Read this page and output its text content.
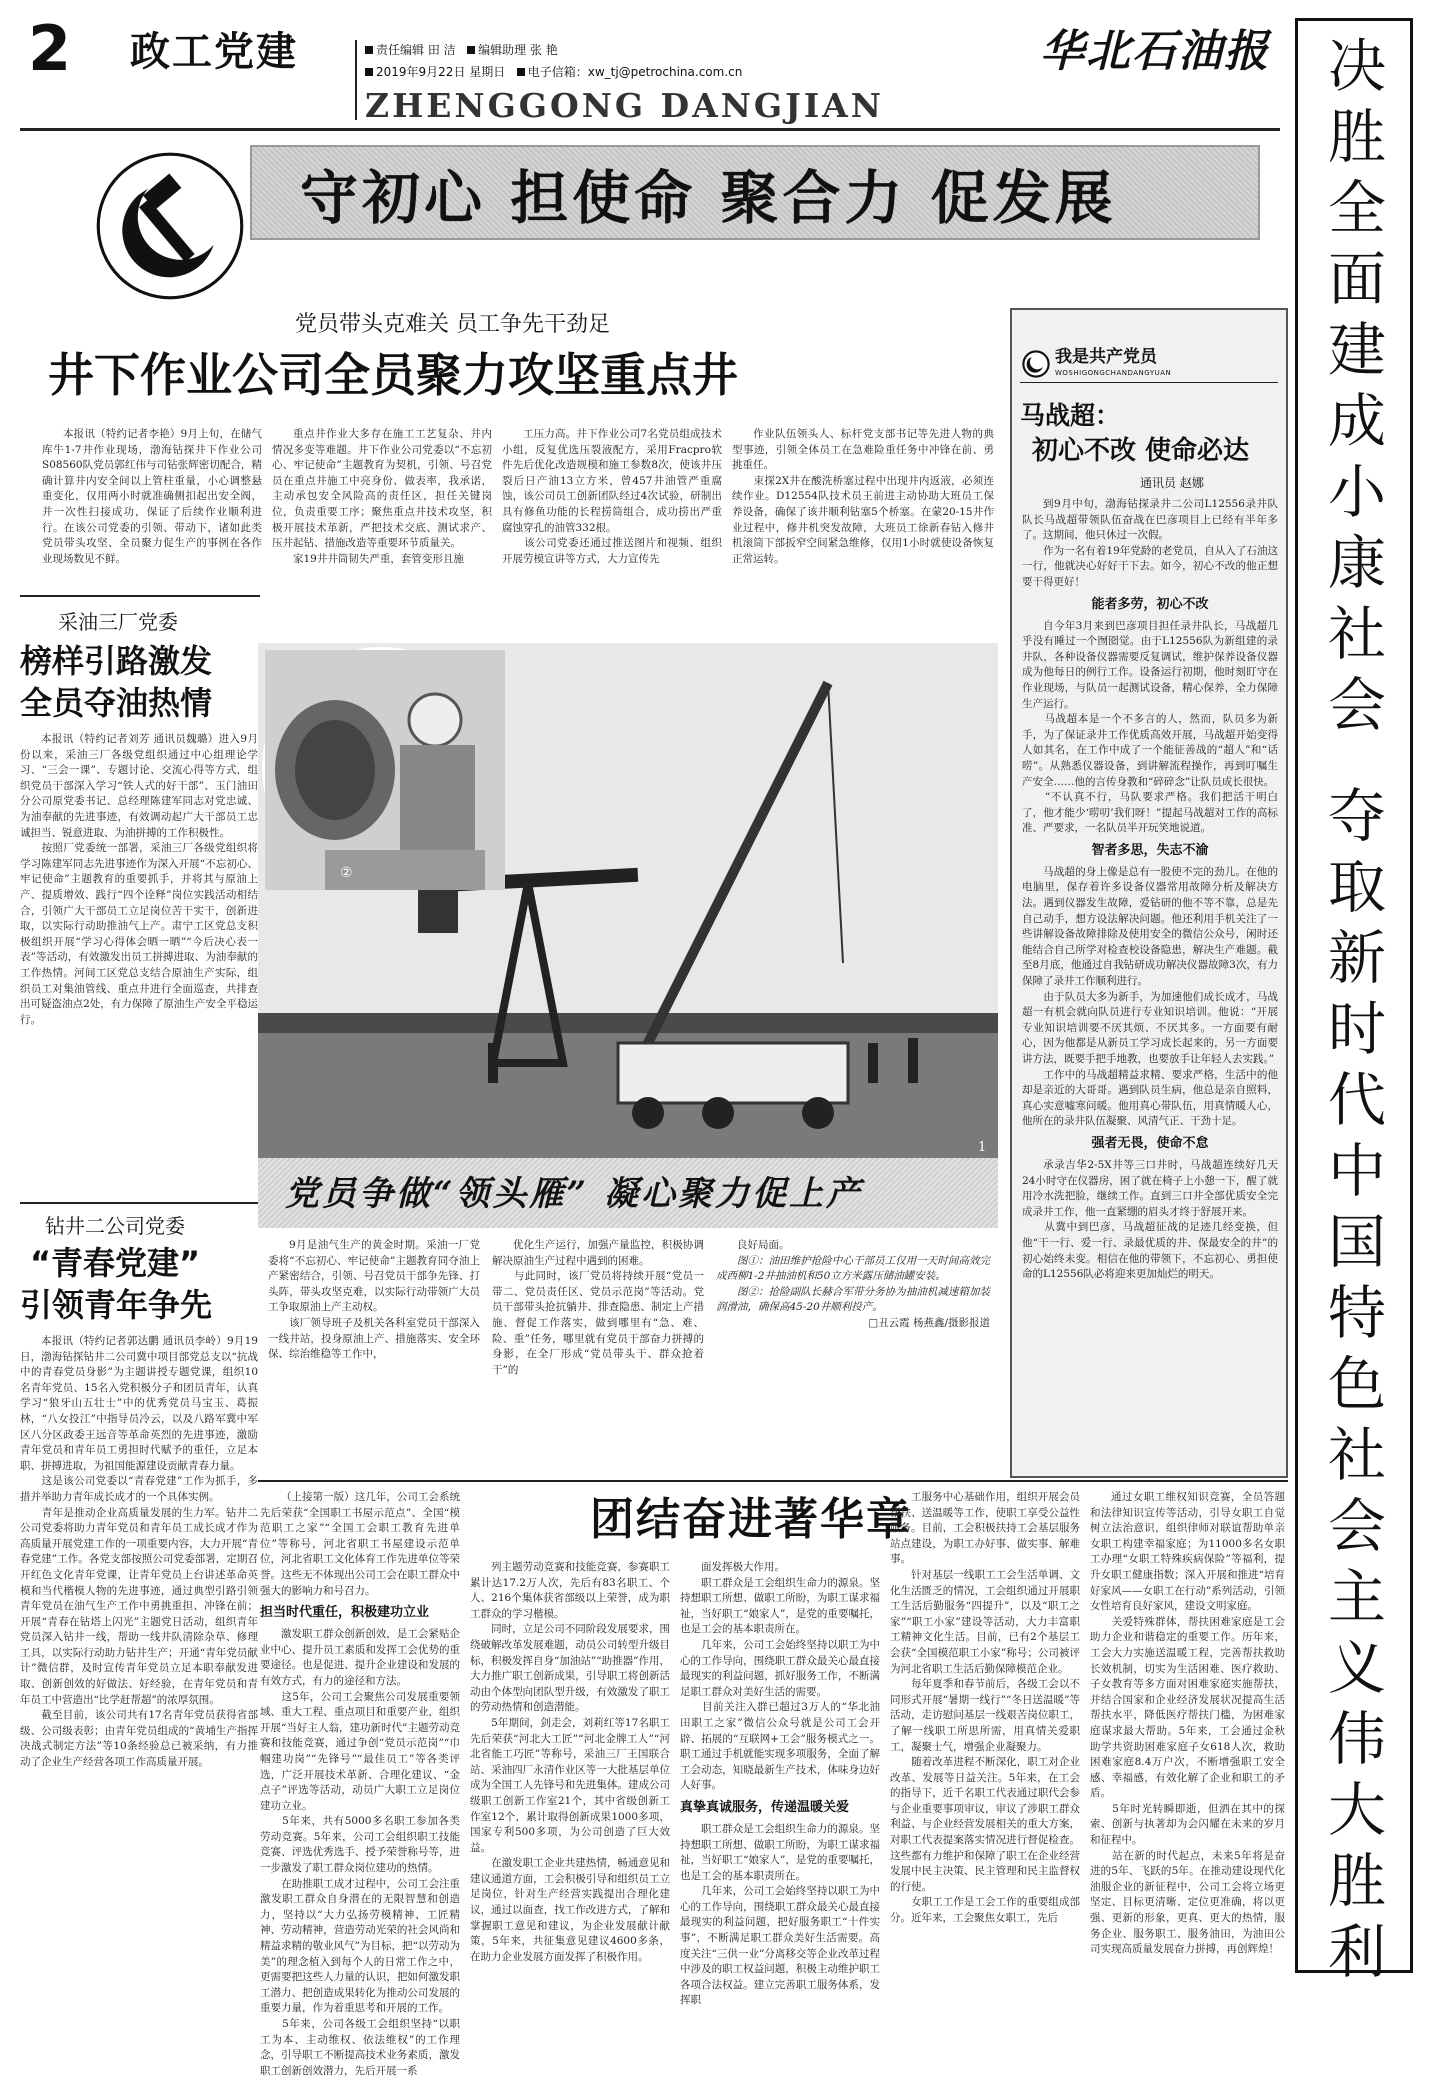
2 政工党建	责任编辑 田 洁 编辑助理 张 艳
2019年9月22日 星期日 电子信箱：xw_tj@petrochina.com.cn
ZHENGGONG DANGJIAN
华北石油报
守初心 担使命 聚合力 促发展
决
胜
全
面
建
成
小
康
社
会
夺
取
新
时
代
中
国
特
色
社
会
主
义
伟
大
胜
利
党员带头克难关 员工争先干劲足
井下作业公司全员聚力攻坚重点井

本报讯（特约记者李艳）9月上旬，在储气库牛1-7井作业现场，渤海钻探井下作业公司S08560队党员郭红伟与司钻张辉密切配合，精确计算井内安全间以上管柱重量，小心调整悬重变化，仅用两小时就准确侧扣起出安全阀，并一次性扫接成功，保证了后续作业顺利进行。在该公司党委的引领、带动下，诸如此类党员带头攻坚、全员聚力促生产的事例在各作业现场数见不鲜。

重点井作业大多存在施工工艺复杂、井内情况多变等难题。井下作业公司党委以“不忘初心、牢记使命”主题教育为契机，引领、号召党员在重点井施工中亮身份、做表率，我承诺，主动承包安全风险高的责任区，担任关键岗位，负责重要工序；聚焦重点井技术攻坚，积极开展技术革新，严把技术交底、测试求产、压井起钻、措施改造等重要环节质量关。
　　家19井井筒韧失严重，套管变形且施

工压力高。井下作业公司7名党员组成技术小组，反复优选压裂液配方，采用Fracpro软件先后优化改造规模和施工参数8次，使该井压裂后日产油13立方米，曾457井油管严重腐蚀，该公司员工创新团队经过4次试验，研制出具有修鱼功能的长程捞筒组合，成功捞出严重腐蚀穿孔的油管332根。
　　该公司党委还通过推送图片和视频、组织开展劳模宣讲等方式，大力宣传先

作业队伍领头人、标杆党支部书记等先进人物的典型事迹，引领全体员工在急难险重任务中冲锋在前、勇挑重任。
　　束探2X井在酸洗桥塞过程中出现井内返液，必须连续作业。D12554队技术员王前进主动协助大班员工保养设备，确保了该井顺利钻塞5个桥塞。在蒙20-15井作业过程中，修井机突发故障，大班员工徐新春钻入修井机滚筒下部扳窄空间紧急维修，仅用1小时就使设备恢复正常运转。

采油三厂党委
榜样引路激发
全员夺油热情

本报讯（特约记者刘芳 通讯员魏璐）进入9月份以来，采油三厂各级党组织通过中心组理论学习、“三会一课”、专题讨论、交流心得等方式，组织党员干部深入学习“铁人式的好干部”、玉门油田分公司原党委书记、总经理陈建军同志对党忠诚、为油奉献的先进事迹，有效调动起广大干部员工忠诚担当、锐意进取、为油拼搏的工作积极性。
　　按照厂党委统一部署，采油三厂各级党组织将学习陈建军同志先进事迹作为深入开展“不忘初心、牢记使命”主题教育的重要抓手，并将其与原油上产、提质增效、践行“四个诠释”岗位实践活动相结合，引领广大干部员工立足岗位苦干实干，创新进取，以实际行动助推油气上产。肃宁工区党总支积极组织开展“学习心得体会晒一晒”“今后决心表一表”等活动，有效激发出员工拼搏进取、为油奉献的工作热情。河间工区党总支结合原油生产实际，组织员工对集油管线、重点井进行全面巡查，共排查出可疑盗油点2处，有力保障了原油生产安全平稳运行。

钻井二公司党委
“青春党建”
引领青年争先

本报讯（特约记者郭达鹏 通讯员李岭）9月19日，渤海钻探钻井二公司冀中项目部党总支以“抗战中的青春党员身影”为主题讲授专题党课，组织10名青年党员、15名入党积极分子和团员青年，认真学习“狼牙山五壮士”中的优秀党员马宝玉、葛振林，“八女投江”中指导员冷云，以及八路军冀中军区八分区政委王远音等革命英烈的先进事迹，激励青年党员和青年员工勇担时代赋予的重任，立足本职、拼搏进取，为祖国能源建设贡献青春力量。
　　这是该公司党委以“青春党建”工作为抓手，多措并举助力青年成长成才的一个具体实例。
　　青年是推动企业高质量发展的生力军。钻井二公司党委将助力青年党员和青年员工成长成才作为高质量开展党建工作的一项重要内容，大力开展“青春党建”工作。各党支部按照公司党委部署，定期召开红色文化青年党课，让青年党员上台讲述革命英模和当代楷模人物的先进事迹，通过典型引路引领青年党员在油气生产工作中勇挑重担、冲锋在前；开展“青春在钻塔上闪光”主题党日活动，组织青年党员深入钻井一线，帮助一线井队清除杂草、修理工具，以实际行动助力钻井生产；开通“青年党员献计”微信群，及时宣传青年党员立足本职奉献发进取、创新创效的好做法、好经验，在青年党员和青年员工中营造出“比学赶帮超”的浓厚氛围。
　　截至目前，该公司共有17名青年党员获得省部级、公司级表彰；由青年党员组成的“黄埔生产指挥决战式制定方法”等10条经验总已被采纳，有力推动了企业生产经营各项工作高质量开展。

②
1
党员争做“领头雁” 凝心聚力促上产

9月是油气生产的黄金时期。采油一厂党委将“不忘初心、牢记使命”主题教育同夺油上产紧密结合，引领、号召党员干部争先锋、打头阵，带头攻坚克难，以实际行动带领广大员工争取原油上产主动权。
　　该厂领导班子及机关各科室党员干部深入一线井站，投身原油上产、措施落实、安全环保、综治维稳等工作中，

优化生产运行，加强产量监控，积极协调解决原油生产过程中遇到的困难。
　　与此同时，该厂党员将持续开展“党员一带二、党员责任区、党员示范岗”等活动。党员干部带头抢抗躺井、排查隐患、制定上产措施、督促工作落实，做到哪里有“急、难、险、重”任务，哪里就有党员干部奋力拼搏的身影，在全厂形成“党员带头干、群众抢着干”的

良好局面。

图①：油田维护抢险中心干部员工仅用一天时间高效完成西柳1-2井抽油机和50立方米露压储油罐安装。

图②：抢险副队长赫合军带分务协为抽油机减速箱加装润滑油，确保高45-20井顺利投产。

□丑云霞 杨燕鑫/摄影报道

我是共产党员
WOSHIGONGCHANDANGYUAN
马战超：
初心不改 使命必达
通讯员 赵娜

到9月中旬，渤海钻探录井二公司L12556录井队队长马战超带领队伍奋战在巴彦项目上已经有半年多了。这期间，他只休过一次假。
　　作为一名有着19年党龄的老党员，自从入了石油这一行，他就决心好好干下去。如今，初心不改的他正想要干得更好！

能者多劳，初心不改

自今年3月来到巴彦项目担任录井队长，马战超几乎没有睡过一个囫囵觉。由于L12556队为新组建的录井队，各种设备仪器需要反复调试，维护保养设备仪器成为他每日的例行工作。设备运行初期，他时刻盯守在作业现场，与队员一起测试设备，精心保养，全力保障生产运行。
　　马战超本是一个不多言的人，然而，队员多为新手，为了保证录井工作优质高效开展，马战超开始变得人如其名，在工作中成了一个能征善战的“超人”和“话唠”。从熟悉仪器设备，到讲解流程操作，再到叮嘱生产安全……他的言传身教和“碎碎念”让队员成长很快。
　　“不认真不行，马队要求严格。我们把活干明白了，他才能少‘唠叨’我们呀！”提起马战超对工作的高标准、严要求，一名队员半开玩笑地说道。

智者多思，失志不渝

马战超的身上像是总有一股使不完的劲儿。在他的电脑里，保存着许多设备仪器常用故障分析及解决方法。遇到仪器发生故障，爱钻研的他不等不靠，总是先自己动手，想方设法解决问题。他还利用手机关注了一些讲解设备故障排除及使用安全的微信公众号，闲时还能结合自己所学对检查校设备隐患，解决生产难题。截至8月底，他通过自我钻研成功解决仪器故障3次，有力保障了录井工作顺利进行。
　　由于队员大多为新手，为加速他们成长成才，马战超一有机会就向队员进行专业知识培训。他说：“开展专业知识培训要不厌其烦、不厌其多。一方面要有耐心，因为他都是从新员工学习成长起来的，另一方面要讲方法，既要手把手地教，也要放手让年轻人去实践。”
　　工作中的马战超精益求精、要求严格，生活中的他却是亲近的大哥哥。遇到队员生病，他总是亲自照料，真心实意嘘寒问暖。他用真心带队伍，用真情暖人心，他所在的录井队伍凝聚、风清气正、干劲十足。

强者无畏，使命不怠

承录吉华2-5X井等三口井时，马战超连续好几天24小时守在仪器房，困了就在椅子上小憩一下，醒了就用冷水洗把脸，继续工作。直到三口井全部优质安全完成录井工作，他一直紧绷的眉头才终于舒展开来。
　　从冀中到巴彦，马战超征战的足迹几经变换，但他“干一行、爱一行、录最优质的井、保最安全的井”的初心始终未变。相信在他的带领下，不忘初心、勇担使命的L12556队必将迎来更加灿烂的明天。

（上接第一版）这几年，公司工会系统先后荣获“全国职工书屋示范点”、全国“模范职工之家”“全国工会职工教育先进单位”等称号，河北省职工书屋建设示范单位，河北省职工文化体育工作先进单位等荣誉。这些无不体现出公司工会在职工群众中强大的影响力和号召力。

担当时代重任，积极建功立业

激发职工群众创新创效，是工会紧贴企业中心、提升员工素质和发挥工会优势的重要途径。也是促进、提升企业建设和发展的有效方式，有力的途径和方法。
　　这5年，公司工会聚焦公司发展重要领域、重大工程、重点项目和重要产业，组织开展“当好主人翁，建功新时代”主题劳动竞赛和技能竞赛，通过争创“党员示范岗”“巾帼建功岗”“先锋号”“最佳员工”等各类评选，广泛开展技术革新、合理化建议、“金点子”评选等活动，动员广大职工立足岗位建功立业。
　　5年来，共有5000多名职工参加各类劳动竞赛。5年来，公司工会组织职工技能竞赛、评选优秀选手、授予荣誉称号等，进一步激发了职工群众岗位建功的热情。
　　在助推职工成才过程中，公司工会注重激发职工群众自身潜在的无限智慧和创造力，坚持以“大力弘扬劳模精神、工匠精神、劳动精神，营造劳动光荣的社会风尚和精益求精的敬业风气”为目标，把“以劳动为美”的理念植入到每个人的日常工作之中，更需要把这些人力量的认识，把如何激发职工潜力、把创造成果转化为推动公司发展的重要力量，作为着重思考和开展的工作。
　　5年来，公司各级工会组织坚持“以职工为本、主动维权、依法维权”的工作理念，引导职工不断提高技术业务素质，激发职工创新创效潜力，先后开展一系

团结奋进著华章

列主题劳动竞赛和技能竞赛，参赛职工累计达17.2万人次，先后有83名职工、个人、216个集体获省部级以上荣誉，成为职工群众的学习楷模。
　　同时，立足公司不同阶段发展要求，围绕破解改革发展难题，动员公司转型升级目标，积极发挥自身“加油站”“助推器”作用，大力推广职工创新成果，引导职工将创新活动由个体型向团队型升级，有效激发了职工的劳动热情和创造潜能。
　　5年期间，剑走会，刘莉红等17名职工先后荣获“河北大工匠”“河北金牌工人”“河北省能工巧匠”等称号，采油三厂王国联合站、采油四厂永清作业区等一大批基层单位成为全国工人先锋号和先进集体。建成公司级职工创新工作室21个，其中省级创新工作室12个，累计取得创新成果1000多项，国家专利500多项，为公司创造了巨大效益。
　　在激发职工企业共建热情，畅通意见和建议通道方面，工会积极引导和组织员工立足岗位，针对生产经营实践提出合理化建议，通过以面查，找工作改进方式，了解和掌握职工意见和建议，为企业发展献计献策，5年来，共征集意见建议4600多条，在助力企业发展方面发挥了积极作用。

面发挥极大作用。
　　职工群众是工会组织生命力的源泉。坚持想职工所想、做职工所盼，为职工谋求福祉，当好职工“娘家人”，是党的重要嘱托，也是工会的基本职责所在。
　　几年来，公司工会始终坚持以职工为中心的工作导向，围绕职工群众最关心最直接最现实的利益问题，抓好服务工作，不断满足职工群众对美好生活的需要。
　　目前关注入群已超过3万人的“华北油田职工之家”微信公众号就是公司工会开辟、拓展的“互联网+工会”服务模式之一。职工通过手机就能实现多项服务，全面了解工会动态，知晓最新生产技术，体味身边好人好事。

真挚真诚服务，传递温暖关爱

职工群众是工会组织生命力的源泉。坚持想职工所想、做职工所盼，为职工谋求福祉，当好职工“娘家人”，是党的重要嘱托，也是工会的基本职责所在。
　　几年来，公司工会始终坚持以职工为中心的工作导向，围绕职工群众最关心最直接最现实的利益问题，把好服务职工“十件实事”，不断满足职工群众美好生活需要。高度关注“三供一业”分离移交等企业改革过程中涉及的职工权益问题，积极主动维护职工各项合法权益。建立完善职工服务体系，发挥职

工服务中心基础作用，组织开展会员帮扶、送温暖等工作，使职工享受公益性服务。目前，工会积极扶持工会基层服务站点建设，为职工办好事、做实事、解难事。
　　针对基层一线职工工会生活单调、文化生活匮乏的情况，工会组织通过开展职工生活后勤服务“四提升”，以及“职工之家”“职工小家”建设等活动，大力丰富职工精神文化生活。目前，已有2个基层工会获“全国模范职工小家”称号；公司被评为河北省职工生活后勤保障模范企业。
　　每年夏季和春节前后，各级工会以不同形式开展“暑期一线行”“冬日送温暖”等活动，走访慰问基层一线艰苦岗位职工，了解一线职工所思所需，用真情关爱职工，凝聚士气，增强企业凝聚力。
　　随着改革进程不断深化，职工对企业改革、发展等日益关注。5年来，在工会的指导下，近千名职工代表通过职代会参与企业重要事项审议，审议了涉职工群众利益、与企业经营发展相关的重大方案，对职工代表提案落实情况进行督促检查。这些都有力维护和保障了职工在企业经营发展中民主决策、民主管理和民主监督权的行使。
　　女职工工作是工会工作的重要组成部分。近年来，工会聚焦女职工，先后

通过女职工维权知识竞赛，全员答题和法律知识宣传等活动，引导女职工自觉树立法治意识，组织律师对联谊帮助单亲女职工构建幸福家庭；为11000多名女职工办理“女职工特殊疾病保险”等福利，提升女职工健康指数；深入开展和推进“培育好家风——女职工在行动”系列活动，引领女性培育良好家风，建设文明家庭。
　　关爱特殊群体，帮扶困难家庭是工会助力企业和谐稳定的重要工作。历年来，工会大力实施送温暖工程，完善帮扶救助长效机制，切实为生活困难、医疗救助、子女教育等多方面对困难家庭实施帮扶，并结合国家和企业经济发展状况提高生活帮扶水平，降低医疗帮扶门槛，为困难家庭谋求最大帮助。5年来，工会通过金秋助学共资助困难家庭子女618人次，救助困难家庭8.4万户次，不断增强职工安全感、幸福感，有效化解了企业和职工的矛盾。
　　5年时光转瞬即逝，但洒在其中的探索、创新与执著却为会闪耀在未来的岁月和征程中。
　　站在新的时代起点，未来5年将是奋进的5年、飞跃的5年。在推动建设现代化油服企业的新征程中，公司工会将立场更坚定、目标更清晰、定位更准确，将以更强、更新的形象，更真、更大的热情，服务企业、服务职工、服务油田，为油田公司实现高质量发展奋力拼搏，再创辉煌！
